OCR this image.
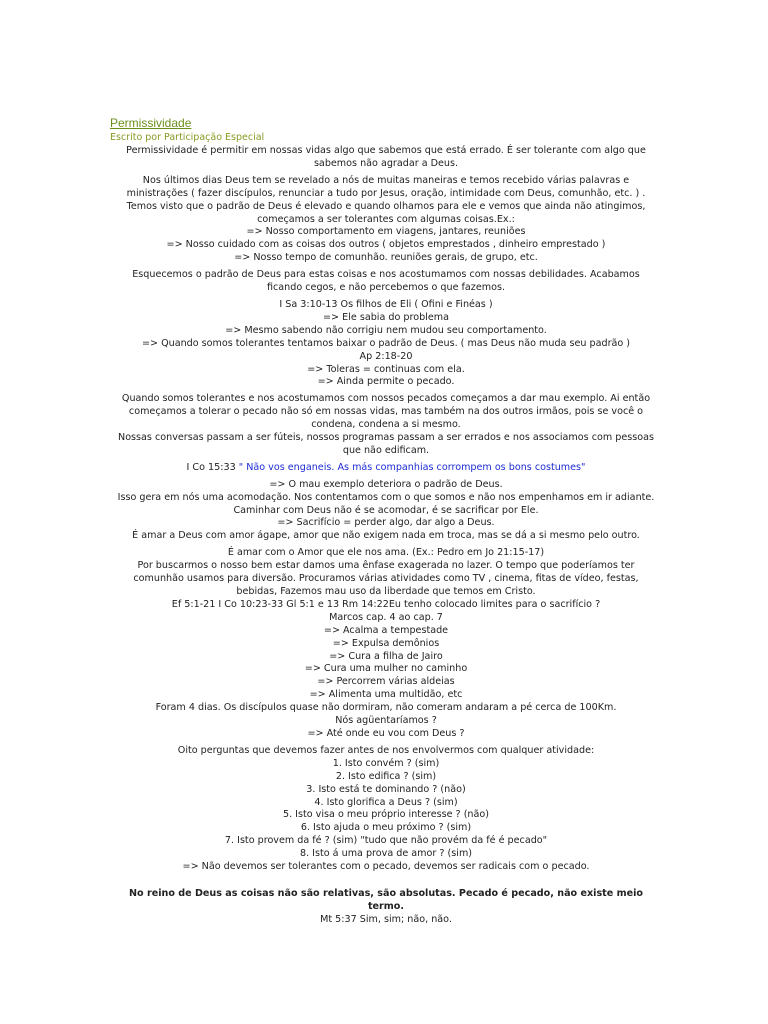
Permissividade
Escrito por Participação Especial
Permissividade é permitir em nossas vidas algo que sabemos que está errado. É ser tolerante com algo que
sabemos não agradar a Deus.
Nos últimos dias Deus tem se revelado a nós de muitas maneiras e temos recebido várias palavras e
ministrações ( fazer discípulos, renunciar a tudo por Jesus, oração, intimidade com Deus, comunhão, etc. ) .
Temos visto que o padrão de Deus é elevado e quando olhamos para ele e vemos que ainda não atingimos,
começamos a ser tolerantes com algumas coisas.Ex.:
=> Nosso comportamento em viagens, jantares, reuniões
=> Nosso cuidado com as coisas dos outros ( objetos emprestados , dinheiro emprestado )
=> Nosso tempo de comunhão. reuniões gerais, de grupo, etc.
Esquecemos o padrão de Deus para estas coisas e nos acostumamos com nossas debilidades. Acabamos
ficando cegos, e não percebemos o que fazemos.
I Sa 3:10-13 Os filhos de Eli ( Ofini e Finéas )
=> Ele sabia do problema
=> Mesmo sabendo não corrigiu nem mudou seu comportamento.
=> Quando somos tolerantes tentamos baixar o padrão de Deus. ( mas Deus não muda seu padrão )
Ap 2:18-20
=> Toleras = continuas com ela.
=> Ainda permite o pecado.
Quando somos tolerantes e nos acostumamos com nossos pecados começamos a dar mau exemplo. Ai então
começamos a tolerar o pecado não só em nossas vidas, mas também na dos outros irmãos, pois se você o
condena, condena a si mesmo.
Nossas conversas passam a ser fúteis, nossos programas passam a ser errados e nos associamos com pessoas
que não edificam.
I Co 15:33 " Não vos enganeis. As más companhias corrompem os bons costumes"
=> O mau exemplo deteriora o padrão de Deus.
Isso gera em nós uma acomodação. Nos contentamos com o que somos e não nos empenhamos em ir adiante.
Caminhar com Deus não é se acomodar, é se sacrificar por Ele.
=> Sacrifício = perder algo, dar algo a Deus.
É amar a Deus com amor ágape, amor que não exigem nada em troca, mas se dá a si mesmo pelo outro.
É amar com o Amor que ele nos ama. (Ex.: Pedro em Jo 21:15-17)
Por buscarmos o nosso bem estar damos uma ênfase exagerada no lazer. O tempo que poderíamos ter
comunhão usamos para diversão. Procuramos várias atividades como TV , cinema, fitas de vídeo, festas,
bebidas, Fazemos mau uso da liberdade que temos em Cristo.
Ef 5:1-21 I Co 10:23-33 Gl 5:1 e 13 Rm 14:22Eu tenho colocado limites para o sacrifício ?
Marcos cap. 4 ao cap. 7
=> Acalma a tempestade
=> Expulsa demônios
=> Cura a filha de Jairo
=> Cura uma mulher no caminho
=> Percorrem várias aldeias
=> Alimenta uma multidão, etc
Foram 4 dias. Os discípulos quase não dormiram, não comeram andaram a pé cerca de 100Km.
Nós agüentaríamos ?
=> Até onde eu vou com Deus ?
Oito perguntas que devemos fazer antes de nos envolvermos com qualquer atividade:
1. Isto convém ? (sim)
2. Isto edifica ? (sim)
3. Isto está te dominando ? (não)
4. Isto glorifica a Deus ? (sim)
5. Isto visa o meu próprio interesse ? (não)
6. Isto ajuda o meu próximo ? (sim)
7. Isto provem da fé ? (sim) "tudo que não provém da fé é pecado"
8. Isto á uma prova de amor ? (sim)
=> Não devemos ser tolerantes com o pecado, devemos ser radicais com o pecado.
No reino de Deus as coisas não são relativas, são absolutas. Pecado é pecado, não existe meio
termo.
Mt 5:37 Sim, sim; não, não.
